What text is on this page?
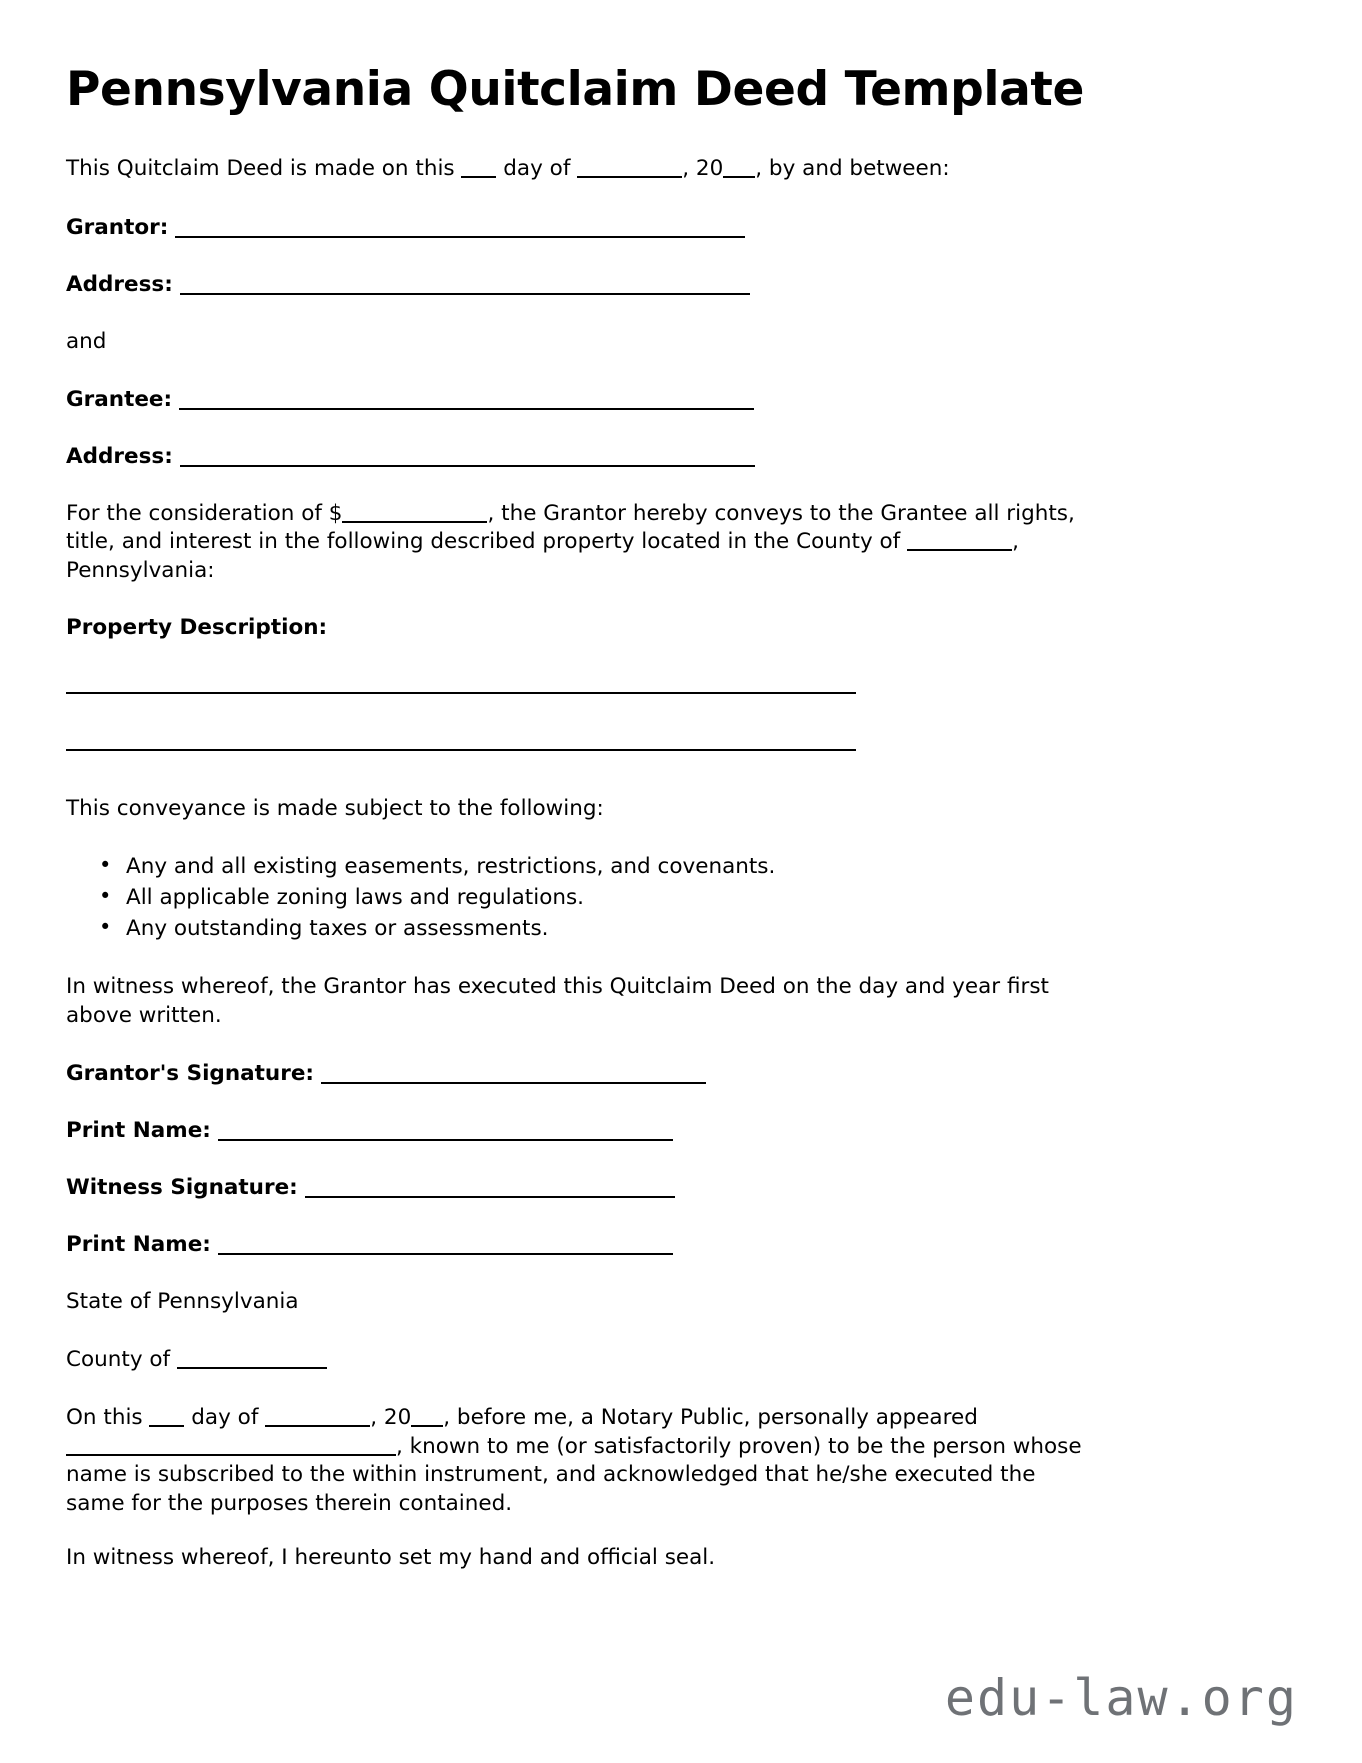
Pennsylvania Quitclaim Deed Template

This Quitclaim Deed is made on this  day of	, 20 , by and between:

Grantor:
Address:

and

Grantee:
Address:

For the consideration of $	, the Grantor hereby conveys to the Grantee all rights, title, and interest in the following described property located in the County of	, Pennsylvania:

Property Description:

This conveyance is made subject to the following:

• Any and all existing easements, restrictions, and covenants.
• All applicable zoning laws and regulations.
• Any outstanding taxes or assessments.

In witness whereof, the Grantor has executed this Quitclaim Deed on the day and year first above written.

Grantor's Signature:
Print Name:
Witness Signature:
Print Name:

State of Pennsylvania

County of

On this  day of	, 20 , before me, a Notary Public, personally appeared , known to me (or satisfactorily proven) to be the person whose name is subscribed to the within instrument, and acknowledged that he/she executed the same for the purposes therein contained.

In witness whereof, I hereunto set my hand and official seal.

edu-law.org
